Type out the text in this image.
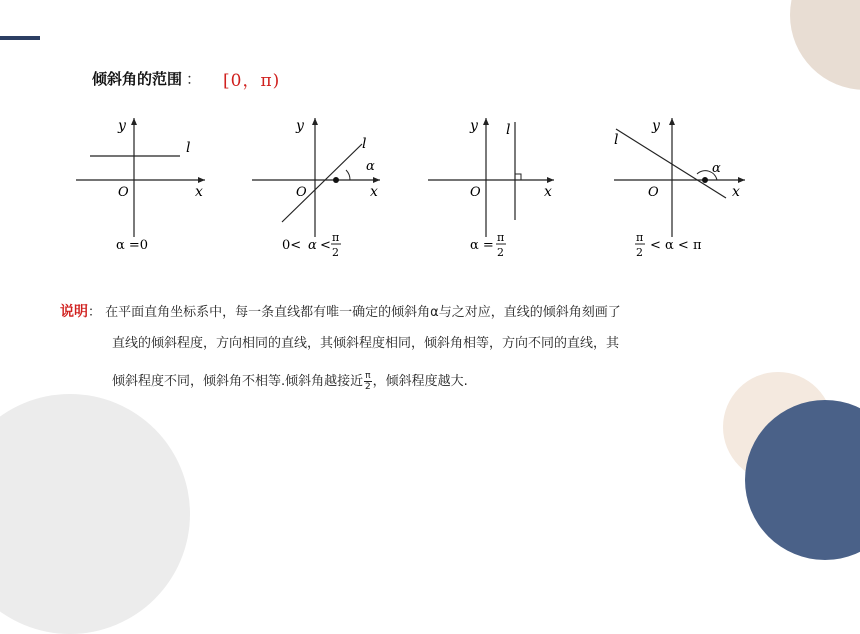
倾斜角的范围 ： [0，π)
x
y
O
l
α =0
x
y
O
l
α
0< α <
π
2
x
y
O
l
α =
π
2
x
y
O
l
α
π
2 < α < π
说明： 在平面直角坐标系中，每一条直线都有唯一确定的倾斜角α与之对应，直线的倾斜角刻画了
直线的倾斜程度，方向相同的直线，其倾斜程度相同，倾斜角相等，方向不同的直线，其
倾斜程度不同，倾斜角不相等.倾斜角越接近 $\frac{\pi}{2}$ ，倾斜程度越大.
